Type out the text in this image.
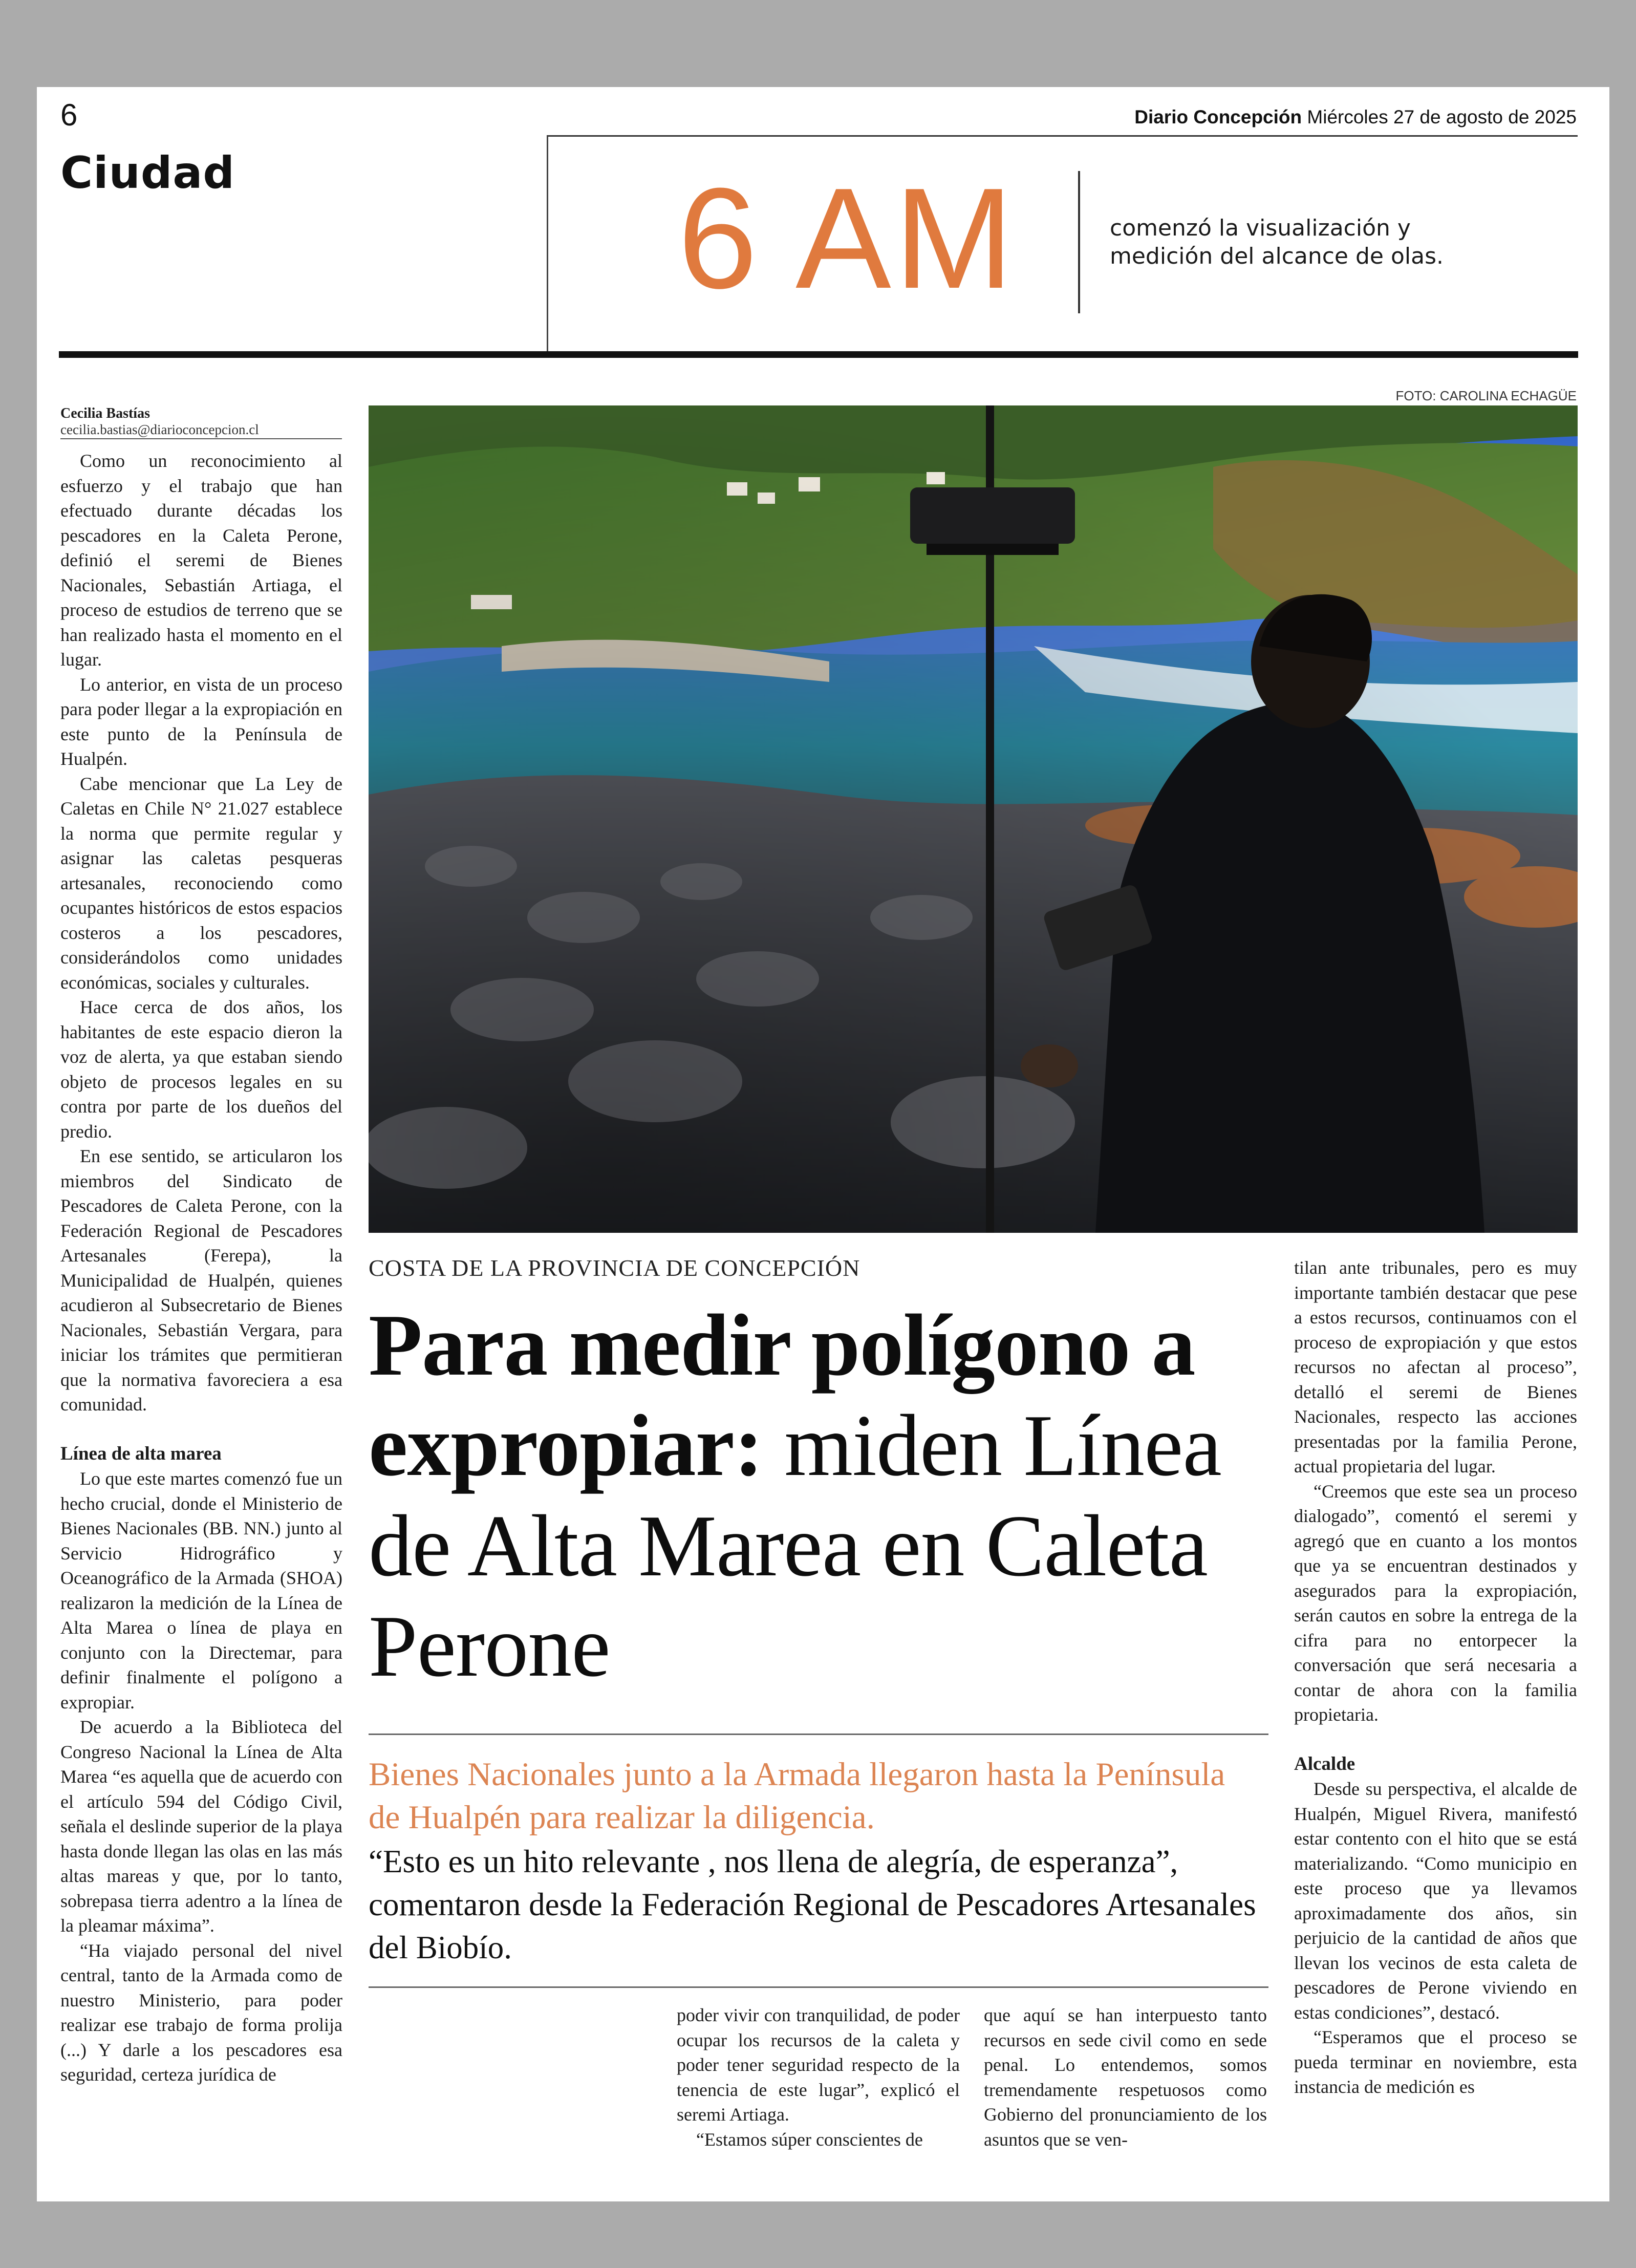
6	Diario Concepción Miércoles 27 de agosto de 2025
Ciudad	6 AM	comenzó la visualización y medición del alcance de olas.
Cecilia Bastías
cecilia.bastias@diarioconcepcion.cl
FOTO: CAROLINA ECHAGÜE

Como un reconocimiento al esfuerzo y el trabajo que han efectuado durante décadas los pescadores en la Caleta Perone, definió el seremi de Bienes Nacionales, Sebastián Artiaga, el proceso de estudios de terreno que se han realizado hasta el momento en el lugar.

Lo anterior, en vista de un proceso para poder llegar a la expropiación en este punto de la Península de Hualpén.

Cabe mencionar que La Ley de Caletas en Chile N° 21.027 establece la norma que permite regular y asignar las caletas pesqueras artesanales, reconociendo como ocupantes históricos de estos espacios costeros a los pescadores, considerándolos como unidades económicas, sociales y culturales.

Hace cerca de dos años, los habitantes de este espacio dieron la voz de alerta, ya que estaban siendo objeto de procesos legales en su contra por parte de los dueños del predio.

En ese sentido, se articularon los miembros del Sindicato de Pescadores de Caleta Perone, con la Federación Regional de Pescadores Artesanales (Ferepa), la Municipalidad de Hualpén, quienes acudieron al Subsecretario de Bienes Nacionales, Sebastián Vergara, para iniciar los trámites que permitieran que la normativa favoreciera a esa comunidad.

Línea de alta marea

Lo que este martes comenzó fue un hecho crucial, donde el Ministerio de Bienes Nacionales (BB. NN.) junto al Servicio Hidrográfico y Oceanográfico de la Armada (SHOA) realizaron la medición de la Línea de Alta Marea o línea de playa en conjunto con la Directemar, para definir finalmente el polígono a expropiar.

De acuerdo a la Biblioteca del Congreso Nacional la Línea de Alta Marea “es aquella que de acuerdo con el artículo 594 del Código Civil, señala el deslinde superior de la playa hasta donde llegan las olas en las más altas mareas y que, por lo tanto, sobrepasa tierra adentro a la línea de la pleamar máxima”.

“Ha viajado personal del nivel central, tanto de la Armada como de nuestro Ministerio, para poder realizar ese trabajo de forma prolija (...) Y darle a los pescadores esa seguridad, certeza jurídica de

COSTA DE LA PROVINCIA DE CONCEPCIÓN
Para medir polígono a expropiar: miden Línea de Alta Marea en Caleta Perone
Bienes Nacionales junto a la Armada llegaron hasta la Península de Hualpén para realizar la diligencia.
“Esto es un hito relevante , nos llena de alegría, de esperanza”, comentaron desde la Federación Regional de Pescadores Artesanales del Biobío.

poder vivir con tranquilidad, de poder ocupar los recursos de la caleta y poder tener seguridad respecto de la tenencia de este lugar”, explicó el seremi Artiaga.

“Estamos súper conscientes de

que aquí se han interpuesto tanto recursos en sede civil como en sede penal. Lo entendemos, somos tremendamente respetuosos como Gobierno del pronunciamiento de los asuntos que se ven-

tilan ante tribunales, pero es muy importante también destacar que pese a estos recursos, continuamos con el proceso de expropiación y que estos recursos no afectan al proceso”, detalló el seremi de Bienes Nacionales, respecto las acciones presentadas por la familia Perone, actual propietaria del lugar.

“Creemos que este sea un proceso dialogado”, comentó el seremi y agregó que en cuanto a los montos que ya se encuentran destinados y asegurados para la expropiación, serán cautos en sobre la entrega de la cifra para no entorpecer la conversación que será necesaria a contar de ahora con la familia propietaria.

Alcalde

Desde su perspectiva, el alcalde de Hualpén, Miguel Rivera, manifestó estar contento con el hito que se está materializando. “Como municipio en este proceso que ya llevamos aproximadamente dos años, sin perjuicio de la cantidad de años que llevan los vecinos de esta caleta de pescadores de Perone viviendo en estas condiciones”, destacó.

“Esperamos que el proceso se pueda terminar en noviembre, esta instancia de medición es
